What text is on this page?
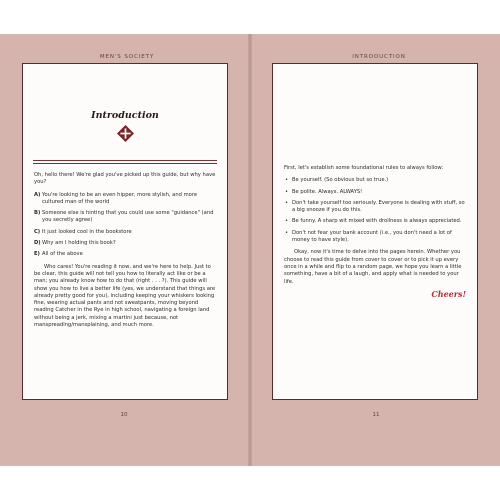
MEN'S SOCIETY
Introduction

Oh, hello there! We're glad you've picked up this guide, but why have you?

A) You're looking to be an even hipper, more stylish, and more cultured man of the world
B) Someone else is hinting that you could use some "guidance" (and you secretly agree)
C) It just looked cool in the bookstore
D) Why am I holding this book?
E) All of the above

Who cares! You're reading it now, and we're here to help. Just to be clear, this guide will not tell you how to literally act like or be a man; you already know how to do that (right . . . ?). This guide will show you how to live a better life (yes, we understand that things are already pretty good for you), including keeping your whiskers looking fine, wearing actual pants and not sweatpants, moving beyond reading Catcher in the Rye in high school, navigating a foreign land without being a jerk, mixing a martini just because, not manspreading/mansplaining, and much more.

10
INTRODUCTION

First, let's establish some foundational rules to always follow:

• Be yourself. (So obvious but so true.)
• Be polite. Always. ALWAYS!
• Don't take yourself too seriously. Everyone is dealing with stuff, so a big snooze if you do this.
• Be funny. A sharp wit mixed with drollness is always appreciated.
• Don't not fear your bank account (i.e., you don't need a lot of money to have style).

Okay, now it's time to delve into the pages herein. Whether you choose to read this guide from cover to cover or to pick it up every once in a while and flip to a random page, we hope you learn a little something, have a bit of a laugh, and apply what is needed to your life.

Cheers!
11
